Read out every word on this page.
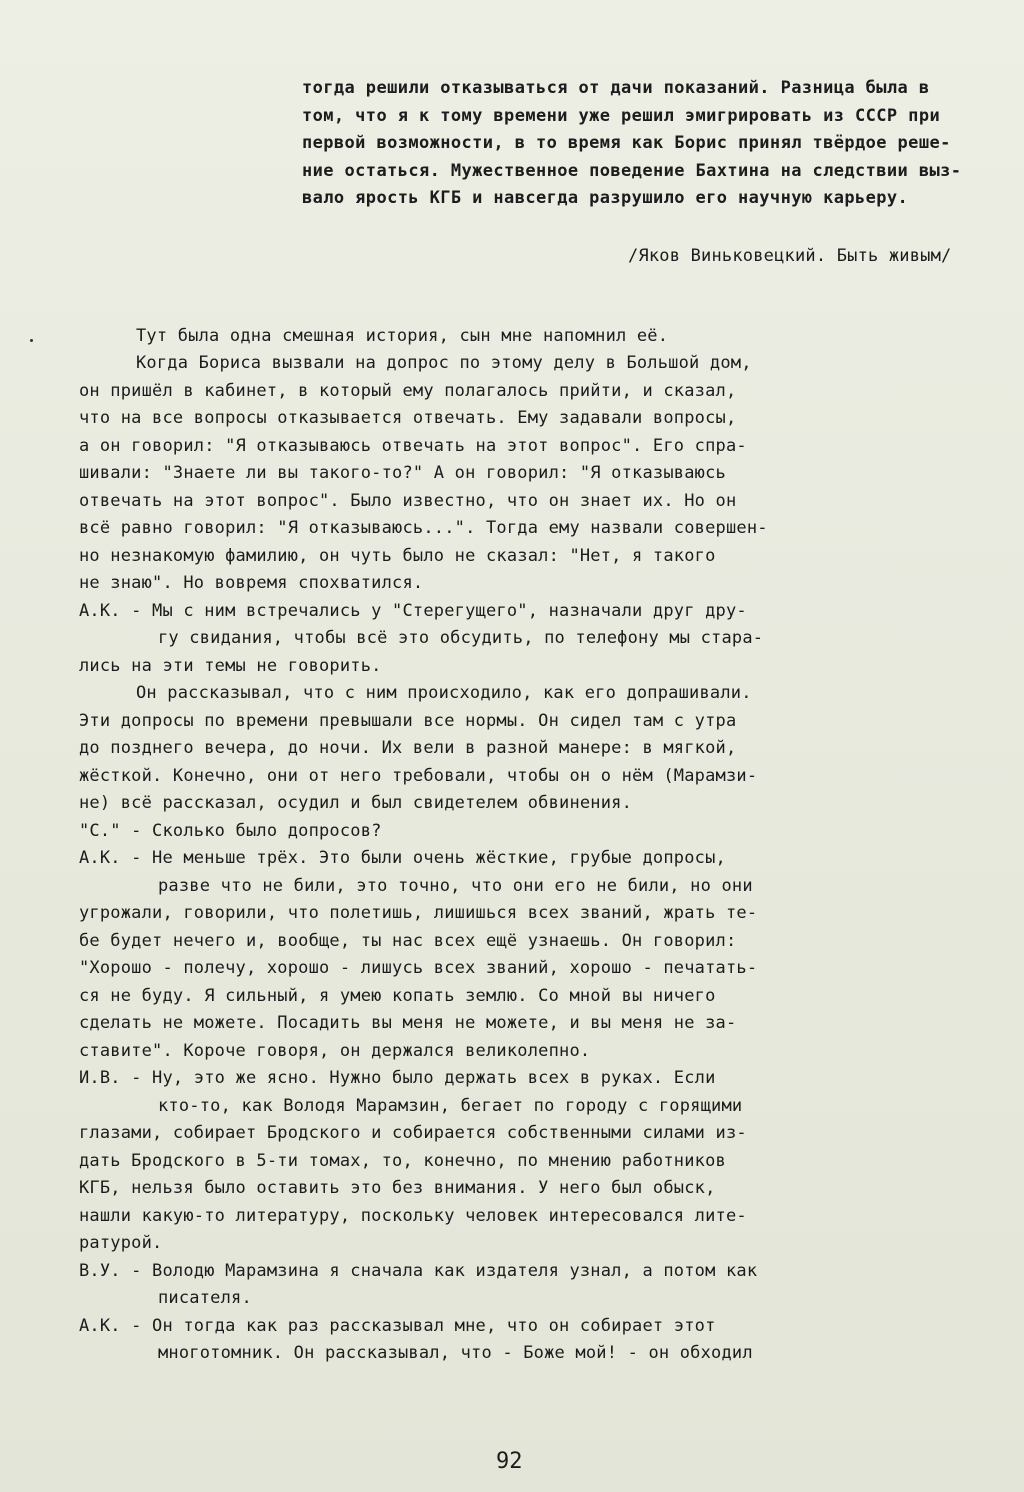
тогда решили отказываться от дачи показаний. Разница была в
том, что я к тому времени уже решил эмигрировать из СССР при
первой возможности, в то время как Борис принял твёрдое реше-
ние остаться. Мужественное поведение Бахтина на следствии выз-
вало ярость КГБ и навсегда разрушило его научную карьеру.
/Яков Виньковецкий. Быть живым/
Тут была одна смешная история, сын мне напомнил её.
Когда Бориса вызвали на допрос по этому делу в Большой дом,
он пришёл в кабинет, в который ему полагалось прийти, и сказал,
что на все вопросы отказывается отвечать. Ему задавали вопросы,
а он говорил: "Я отказываюсь отвечать на этот вопрос". Его спра-
шивали: "Знаете ли вы такого-то?" А он говорил: "Я отказываюсь
отвечать на этот вопрос". Было известно, что он знает их. Но он
всё равно говорил: "Я отказываюсь...". Тогда ему назвали совершен-
но незнакомую фамилию, он чуть было не сказал: "Нет, я такого
не знаю". Но вовремя спохватился.
А.К. - Мы с ним встречались у "Стерегущего", назначали друг дру-
гу свидания, чтобы всё это обсудить, по телефону мы стара-
лись на эти темы не говорить.
Он рассказывал, что с ним происходило, как его допрашивали.
Эти допросы по времени превышали все нормы. Он сидел там с утра
до позднего вечера, до ночи. Их вели в разной манере: в мягкой,
жёсткой. Конечно, они от него требовали, чтобы он о нём (Марамзи-
не) всё рассказал, осудил и был свидетелем обвинения.
"С." - Сколько было допросов?
А.К. - Не меньше трёх. Это были очень жёсткие, грубые допросы,
разве что не били, это точно, что они его не били, но они
угрожали, говорили, что полетишь, лишишься всех званий, жрать те-
бе будет нечего и, вообще, ты нас всех ещё узнаешь. Он говорил:
"Хорошо - полечу, хорошо - лишусь всех званий, хорошо - печатать-
ся не буду. Я сильный, я умею копать землю. Со мной вы ничего
сделать не можете. Посадить вы меня не можете, и вы меня не за-
ставите". Короче говоря, он держался великолепно.
И.В. - Ну, это же ясно. Нужно было держать всех в руках. Если
кто-то, как Володя Марамзин, бегает по городу с горящими
глазами, собирает Бродского и собирается собственными силами из-
дать Бродского в 5-ти томах, то, конечно, по мнению работников
КГБ, нельзя было оставить это без внимания. У него был обыск,
нашли какую-то литературу, поскольку человек интересовался лите-
ратурой.
В.У. - Володю Марамзина я сначала как издателя узнал, а потом как
писателя.
А.К. - Он тогда как раз рассказывал мне, что он собирает этот
многотомник. Он рассказывал, что - Боже мой! - он обходил
92
